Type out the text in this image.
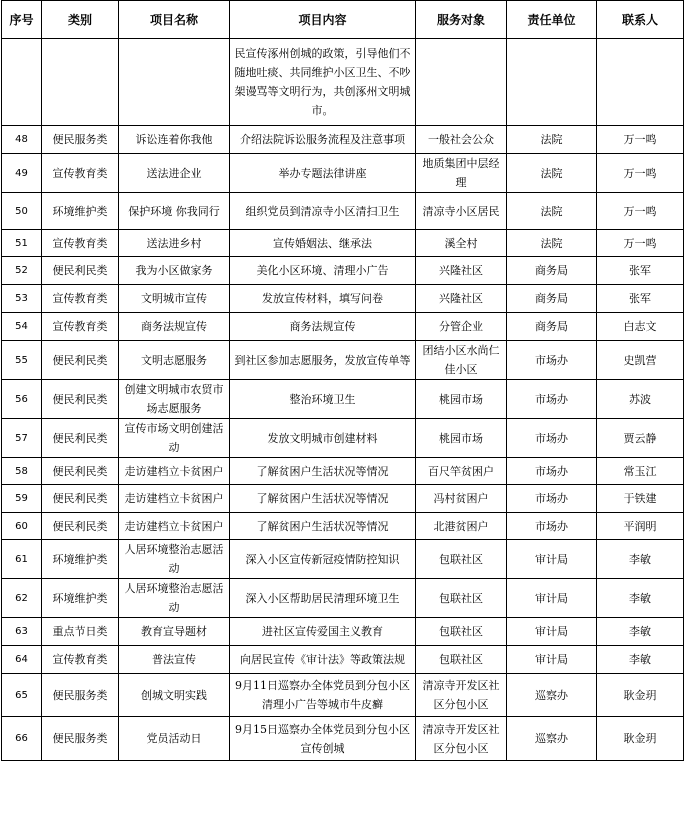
序号	类别	项目名称	项目内容	服务对象	责任单位	联系人
			民宣传涿州创城的政策，引导他们不随地吐痰、共同维护小区卫生、不吵架谩骂等文明行为，共创涿州文明城市。			
48	便民服务类	诉讼连着你我他	介绍法院诉讼服务流程及注意事项	一般社会公众	法院	万一鸣
49	宣传教育类	送法进企业	举办专题法律讲座	地质集团中层经理	法院	万一鸣
50	环境维护类	保护环境 你我同行	组织党员到清凉寺小区清扫卫生	清凉寺小区居民	法院	万一鸣
51	宣传教育类	送法进乡村	宣传婚姻法、继承法	溪全村	法院	万一鸣
52	便民利民类	我为小区做家务	美化小区环境、清理小广告	兴隆社区	商务局	张军
53	宣传教育类	文明城市宣传	发放宣传材料，填写问卷	兴隆社区	商务局	张军
54	宣传教育类	商务法规宣传	商务法规宣传	分管企业	商务局	白志文
55	便民利民类	文明志愿服务	到社区参加志愿服务，发放宣传单等	团结小区水尚仁佳小区	市场办	史凯营
56	便民利民类	创建文明城市农贸市场志愿服务	整治环境卫生	桃园市场	市场办	苏波
57	便民利民类	宣传市场文明创建活动	发放文明城市创建材料	桃园市场	市场办	贾云静
58	便民利民类	走访建档立卡贫困户	了解贫困户生活状况等情况	百尺竿贫困户	市场办	常玉江
59	便民利民类	走访建档立卡贫困户	了解贫困户生活状况等情况	冯村贫困户	市场办	于铁建
60	便民利民类	走访建档立卡贫困户	了解贫困户生活状况等情况	北港贫困户	市场办	平润明
61	环境维护类	人居环境整治志愿活动	深入小区宣传新冠疫情防控知识	包联社区	审计局	李敏
62	环境维护类	人居环境整治志愿活动	深入小区帮助居民清理环境卫生	包联社区	审计局	李敏
63	重点节日类	教育宣导题材	进社区宣传爱国主义教育	包联社区	审计局	李敏
64	宣传教育类	普法宣传	向居民宣传《审计法》等政策法规	包联社区	审计局	李敏
65	便民服务类	创城文明实践	9月11日巡察办全体党员到分包小区清理小广告等城市牛皮癣	清凉寺开发区社区分包小区	巡察办	耿金玥
66	便民服务类	党员活动日	9月15日巡察办全体党员到分包小区宣传创城	清凉寺开发区社区分包小区	巡察办	耿金玥
